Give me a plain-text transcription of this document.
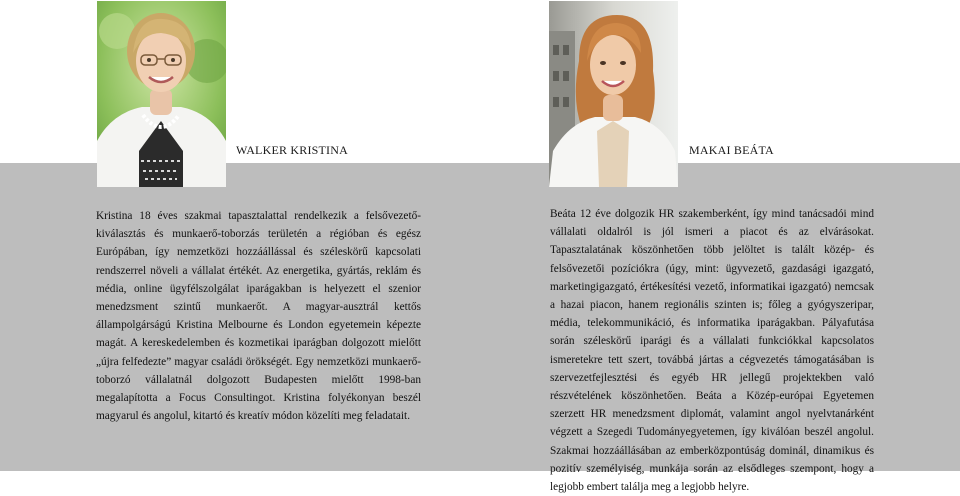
WALKER KRISTINA	MAKAI BEÁTA
Kristina 18 éves szakmai tapasztalattal rendelkezik a felsővezető-kiválasztás és munkaerő-toborzás területén a régióban és egész Európában, így nemzetközi hozzáállással és széleskörű kapcsolati rendszerrel növeli a vállalat értékét. Az energetika, gyártás, reklám és média, online ügyfélszolgálat iparágakban is helyezett el szenior menedzsment szintű munkaerőt. A magyar-ausztrál kettős állampolgárságú Kristina Melbourne és London egyetemein képezte magát. A kereskedelemben és kozmetikai iparágban dolgozott mielőtt „újra felfedezte” magyar családi örökségét. Egy nemzetközi munkaerő-toborzó vállalatnál dolgozott Budapesten mielőtt 1998-ban megalapította a Focus Consultingot. Kristina folyékonyan beszél magyarul és angolul, kitartó és kreatív módon közelíti meg feladatait.
Beáta 12 éve dolgozik HR szakemberként, így mind tanácsadói mind vállalati oldalról is jól ismeri a piacot és az elvárásokat. Tapasztalatának köszönhetően több jelöltet is talált közép- és felsővezetői pozíciókra (úgy, mint: ügyvezető, gazdasági igazgató, marketingigazgató, értékesítési vezető, informatikai igazgató) nemcsak a hazai piacon, hanem regionális szinten is; főleg a gyógyszeripar, média, telekommunikáció, és informatika iparágakban. Pályafutása során széleskörű iparági és a vállalati funkciókkal kapcsolatos ismeretekre tett szert, továbbá jártas a cégvezetés támogatásában is szervezetfejlesztési és egyéb HR jellegű projektekben való részvételének köszönhetően. Beáta a Közép-európai Egyetemen szerzett HR menedzsment diplomát, valamint angol nyelvtanárként végzett a Szegedi Tudományegyetemen, így kiválóan beszél angolul. Szakmai hozzáállásában az emberközpontúság dominál, dinamikus és pozitív személyiség, munkája során az elsődleges szempont, hogy a legjobb embert találja meg a legjobb helyre.
